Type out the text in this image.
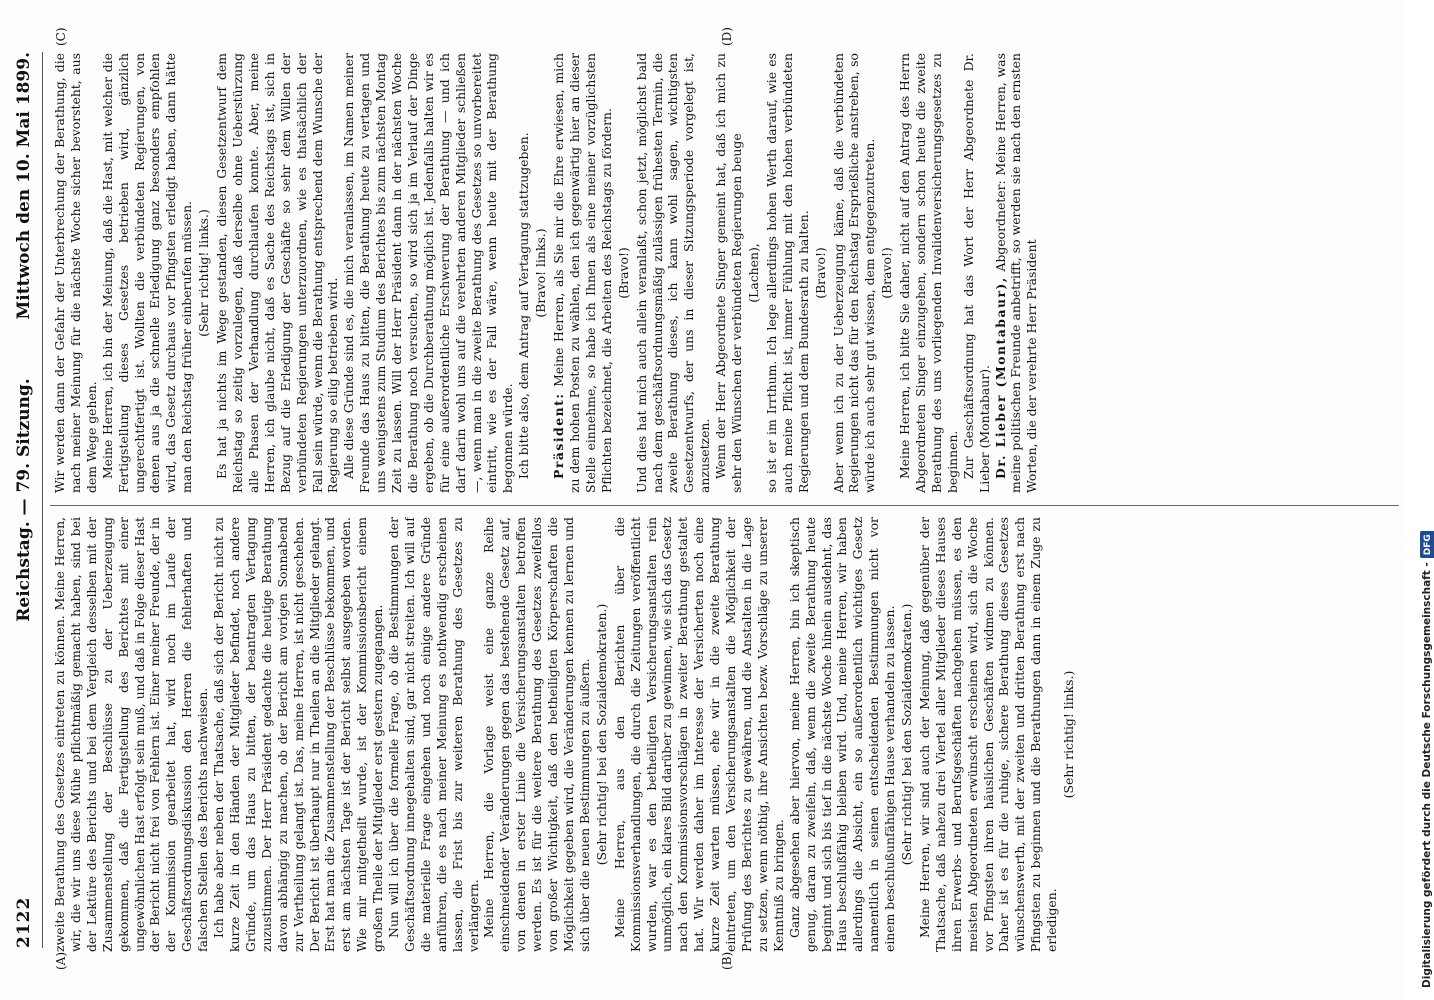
2122
Reichstag. — 79. Sitzung.
Mittwoch den 10. Mai 1899.
(A)	(B)
(C)	(D)

zweite Berathung des Gesetzes eintreten zu können. Meine Herren, wir, die wir uns diese Mühe pflichtmäßig gemacht haben, sind bei der Lektüre des Berichts und bei dem Vergleich desselben mit der Zusammenstellung der Beschlüsse zu der Ueberzeugung gekommen, daß die Fertigstellung des Berichtes mit einer ungewöhnlichen Hast erfolgt sein muß, und daß in Folge dieser Hast der Bericht nicht frei von Fehlern ist. Einer meiner Freunde, der in der Kommission gearbeitet hat, wird noch im Laufe der Geschäftsordnungsdiskussion den Herren die fehlerhaften und falschen Stellen des Berichts nachweisen. Ich habe aber neben der Thatsache, daß sich der Bericht nicht zu kurze Zeit in den Händen der Mitglieder befindet, noch andere Gründe, um das Haus zu bitten, der beantragten Vertagung zuzustimmen. Der Herr Präsident gedachte die heutige Berathung davon abhängig zu machen, ob der Bericht am vorigen Sonnabend zur Vertheilung gelangt ist. Das, meine Herren, ist nicht geschehen. Der Bericht ist überhaupt nur in Theilen an die Mitglieder gelangt. Erst hat man die Zusammenstellung der Beschlüsse bekommen, und erst am nächsten Tage ist der Bericht selbst ausgegeben worden. Wie mir mitgetheilt wurde, ist der Kommissionsbericht einem großen Theile der Mitglieder erst gestern zugegangen. Nun will ich über die formelle Frage, ob die Bestimmungen der Geschäftsordnung innegehalten sind, gar nicht streiten. Ich will auf die materielle Frage eingehen und noch einige andere Gründe anführen, die es nach meiner Meinung es nothwendig erscheinen lassen, die Frist bis zur weiteren Berathung des Gesetzes zu verlängern. Meine Herren, die Vorlage weist eine ganze Reihe einschneidender Veränderungen gegen das bestehende Gesetz auf, von denen in erster Linie die Versicherungsanstalten betroffen werden. Es ist für die weitere Berathung des Gesetzes zweifellos von großer Wichtigkeit, daß den betheiligten Körperschaften die Möglichkeit gegeben wird, die Veränderungen kennen zu lernen und sich über die neuen Bestimmungen zu äußern. (Sehr richtig! bei den Sozialdemokraten.) Meine Herren, aus den Berichten über die Kommissionsverhandlungen, die durch die Zeitungen veröffentlicht wurden, war es den betheiligten Versicherungsanstalten rein unmöglich, ein klares Bild darüber zu gewinnen, wie sich das Gesetz nach den Kommissionsvorschlägen in zweiter Berathung gestaltet hat. Wir werden daher im Interesse der Versicherten noch eine kurze Zeit warten müssen, ehe wir in die zweite Berathung eintreten, um den Versicherungsanstalten die Möglichkeit der Prüfung des Berichtes zu gewähren, und die Anstalten in die Lage zu setzen, wenn nöthig, ihre Ansichten bezw. Vorschläge zu unserer Kenntniß zu bringen. Ganz abgesehen aber hiervon, meine Herren, bin ich skeptisch genug, daran zu zweifeln, daß, wenn die zweite Berathung heute beginnt und sich bis tief in die nächste Woche hinein ausdehnt, das Haus beschlußfähig bleiben wird. Und, meine Herren, wir haben allerdings die Absicht, ein so außerordentlich wichtiges Gesetz namentlich in seinen entscheidenden Bestimmungen nicht vor einem beschlußunfähigen Hause verhandeln zu lassen. (Sehr richtig! bei den Sozialdemokraten.) Meine Herren, wir sind auch der Meinung, daß gegenüber der Thatsache, daß nahezu drei Viertel aller Mitglieder dieses Hauses ihren Erwerbs- und Berufsgeschäften nachgehen müssen, es den meisten Abgeordneten erwünscht erscheinen wird, sich die Woche vor Pfingsten ihren häuslichen Geschäften widmen zu können. Daher ist es für die ruhige, sichere Berathung dieses Gesetzes wünschenswerth, mit der zweiten und dritten Berathung erst nach Pfingsten zu beginnen und die Berathungen dann in einem Zuge zu erledigen.

(Sehr richtig! links.)

Wir werden dann der Gefahr der Unterbrechung der Berathung, die nach meiner Meinung für die nächste Woche sicher bevorsteht, aus dem Wege gehen. Meine Herren, ich bin der Meinung, daß die Hast, mit welcher die Fertigstellung dieses Gesetzes betrieben wird, gänzlich ungerechtfertigt ist. Wollten die verbündeten Regierungen, von denen aus ja die schnelle Erledigung ganz besonders empfohlen wird, das Gesetz durchaus vor Pfingsten erledigt haben, dann hätte man den Reichstag früher einberufen müssen. (Sehr richtig! links.) Es hat ja nichts im Wege gestanden, diesen Gesetzentwurf dem Reichstag so zeitig vorzulegen, daß derselbe ohne Ueberstürzung alle Phasen der Verhandlung durchlaufen konnte. Aber, meine Herren, ich glaube nicht, daß es Sache des Reichstags ist, sich in Bezug auf die Erledigung der Geschäfte so sehr dem Willen der verbündeten Regierungen unterzuordnen, wie es thatsächlich der Fall sein würde, wenn die Berathung entsprechend dem Wunsche der Regierung so eilig betrieben wird. Alle diese Gründe sind es, die mich veranlassen, im Namen meiner Freunde das Haus zu bitten, die Berathung heute zu vertagen und uns wenigstens zum Studium des Berichtes bis zum nächsten Montag Zeit zu lassen. Will der Herr Präsident dann in der nächsten Woche die Berathung noch versuchen, so wird sich ja im Verlauf der Dinge ergeben, ob die Durchberathung möglich ist. Jedenfalls halten wir es für eine außerordentliche Erschwerung der Berathung — und ich darf darin wohl uns auf die verehrten anderen Mitglieder schließen —, wenn man in die zweite Berathung des Gesetzes so unvorbereitet eintritt, wie es der Fall wäre, wenn heute mit der Berathung begonnen würde. Ich bitte also, dem Antrag auf Vertagung stattzugeben. (Bravo! links.)

Präsident: Meine Herren, als Sie mir die Ehre erwiesen, mich zu dem hohen Posten zu wählen, den ich gegenwärtig hier an dieser Stelle einnehme, so habe ich Ihnen als eine meiner vorzüglichsten Pflichten bezeichnet, die Arbeiten des Reichstags zu fördern. (Bravo!) Und dies hat mich auch allein veranlaßt, schon jetzt, möglichst bald nach dem geschäftsordnungsmäßig zulässigen frühesten Termin, die zweite Berathung dieses, ich kann wohl sagen, wichtigsten Gesetzentwurfs, der uns in dieser Sitzungsperiode vorgelegt ist, anzusetzen. Wenn der Herr Abgeordnete Singer gemeint hat, daß ich mich zu sehr den Wünschen der verbündeten Regierungen beuge (Lachen), so ist er im Irrthum. Ich lege allerdings hohen Werth darauf, wie es auch meine Pflicht ist, immer Fühlung mit den hohen verbündeten Regierungen und dem Bundesrath zu halten. (Bravo!) Aber wenn ich zu der Ueberzeugung käme, daß die verbündeten Regierungen nicht das für den Reichstag Ersprießliche anstreben, so würde ich auch sehr gut wissen, dem entgegenzutreten. (Bravo!) Meine Herren, ich bitte Sie daher, nicht auf den Antrag des Herrn Abgeordneten Singer einzugehen, sondern schon heute die zweite Berathung des uns vorliegenden Invalidenversicherungsgesetzes zu beginnen. Zur Geschäftsordnung hat das Wort der Herr Abgeordnete Dr. Lieber (Montabaur). Dr. Lieber (Montabaur), Abgeordneter: Meine Herren, was meine politischen Freunde anbetrifft, so werden sie nach den ernsten Worten, die der verehrte Herr Präsident

Digitalisierung gefördert durch die Deutsche Forschungsgemeinschaft -DFG
